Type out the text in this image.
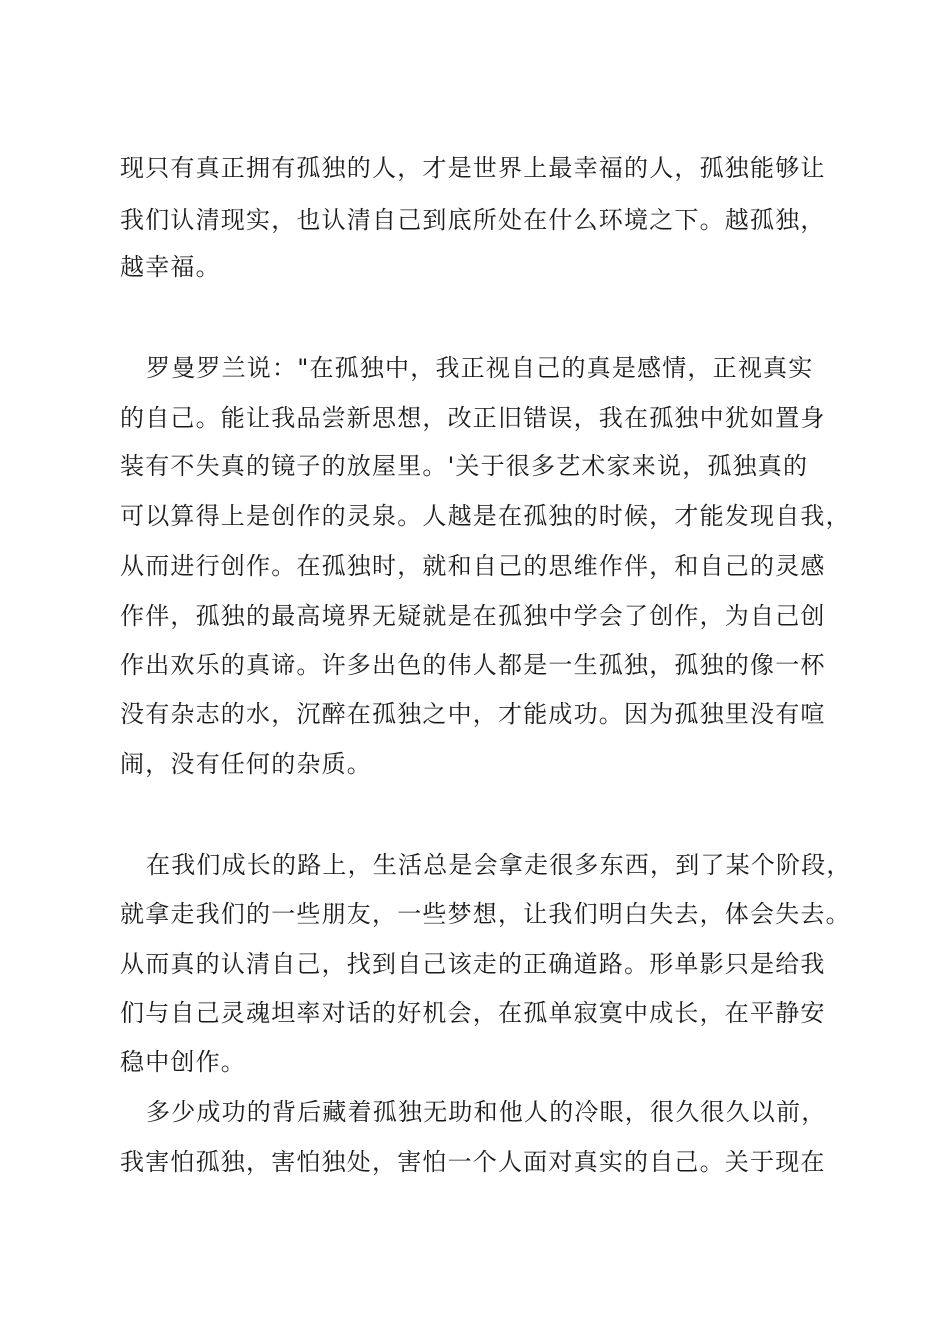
现只有真正拥有孤独的人，才是世界上最幸福的人，孤独能够让
我们认清现实，也认清自己到底所处在什么环境之下。越孤独，
越幸福。
罗曼罗兰说："在孤独中，我正视自己的真是感情，正视真实
的自己。能让我品尝新思想，改正旧错误，我在孤独中犹如置身
装有不失真的镜子的放屋里。'关于很多艺术家来说，孤独真的
可以算得上是创作的灵泉。人越是在孤独的时候，才能发现自我，
从而进行创作。在孤独时，就和自己的思维作伴，和自己的灵感
作伴，孤独的最高境界无疑就是在孤独中学会了创作，为自己创
作出欢乐的真谛。许多出色的伟人都是一生孤独，孤独的像一杯
没有杂志的水，沉醉在孤独之中，才能成功。因为孤独里没有喧
闹，没有任何的杂质。
在我们成长的路上，生活总是会拿走很多东西，到了某个阶段，
就拿走我们的一些朋友，一些梦想，让我们明白失去，体会失去。
从而真的认清自己，找到自己该走的正确道路。形单影只是给我
们与自己灵魂坦率对话的好机会，在孤单寂寞中成长，在平静安
稳中创作。
多少成功的背后藏着孤独无助和他人的冷眼，很久很久以前，
我害怕孤独，害怕独处，害怕一个人面对真实的自己。关于现在
